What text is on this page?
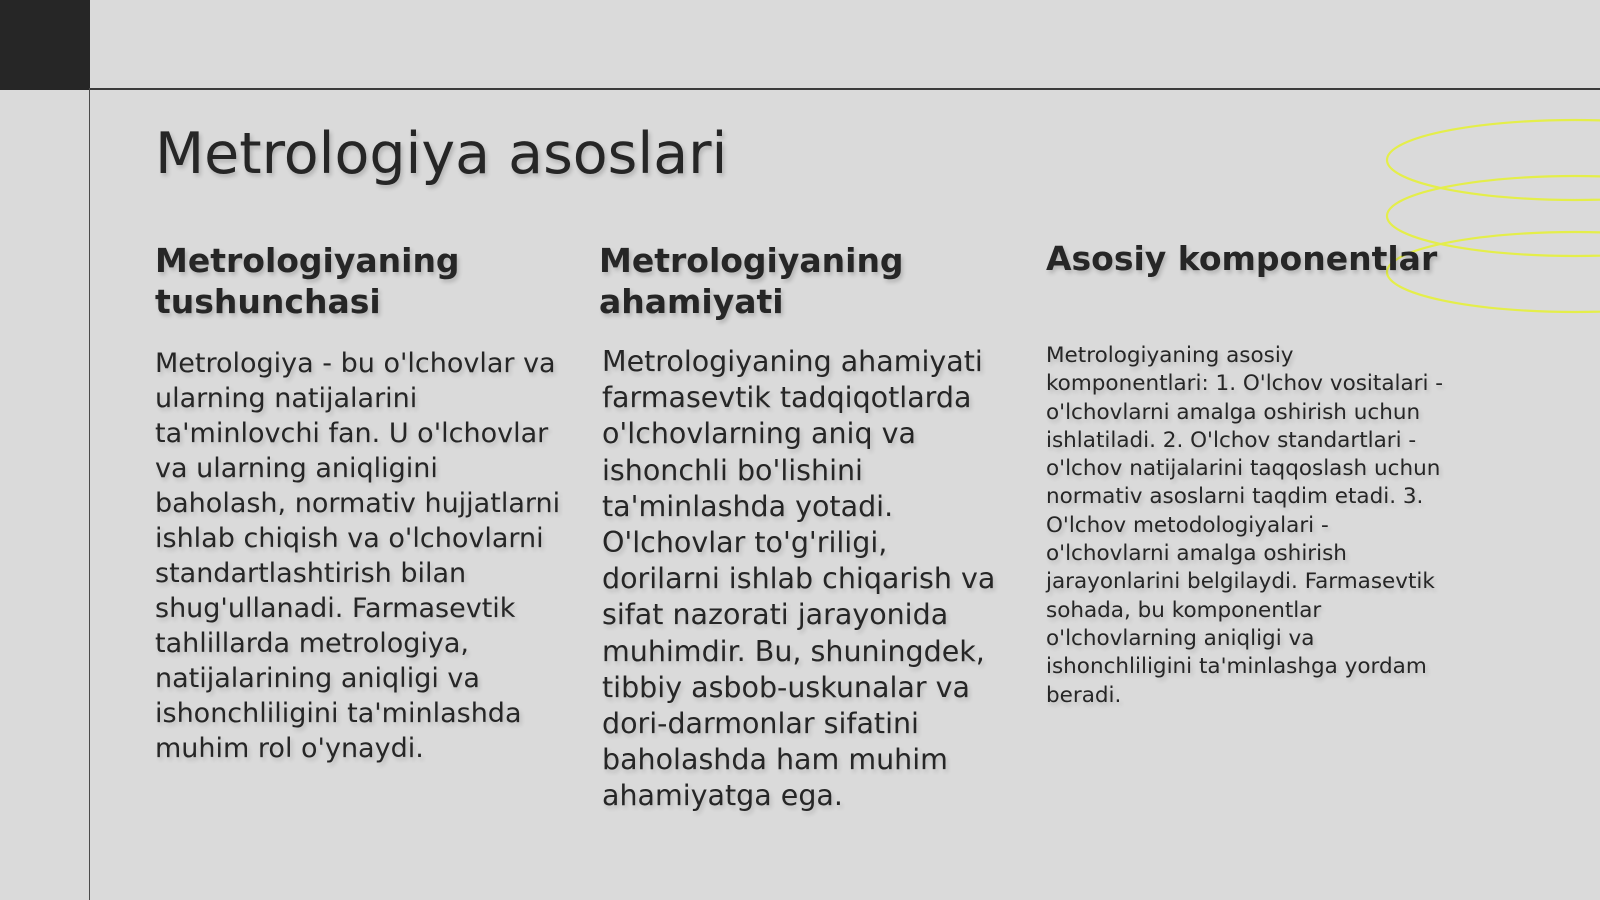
Metrologiya asoslari
Metrologiyaning tushunchasi

Metrologiya - bu o'lchovlar va ularning natijalarini ta'minlovchi fan. U o'lchovlar va ularning aniqligini baholash, normativ hujjatlarni ishlab chiqish va o'lchovlarni standartlashtirish bilan shug'ullanadi. Farmasevtik tahlillarda metrologiya, natijalarining aniqligi va ishonchliligini ta'minlashda muhim rol o'ynaydi.

Metrologiyaning ahamiyati

Metrologiyaning ahamiyati farmasevtik tadqiqotlarda o'lchovlarning aniq va ishonchli bo'lishini ta'minlashda yotadi. O'lchovlar to'g'riligi, dorilarni ishlab chiqarish va sifat nazorati jarayonida muhimdir. Bu, shuningdek, tibbiy asbob-uskunalar va dori-darmonlar sifatini baholashda ham muhim ahamiyatga ega.

Asosiy komponentlar

Metrologiyaning asosiy komponentlari: 1. O'lchov vositalari - o'lchovlarni amalga oshirish uchun ishlatiladi. 2. O'lchov standartlari - o'lchov natijalarini taqqoslash uchun normativ asoslarni taqdim etadi. 3. O'lchov metodologiyalari - o'lchovlarni amalga oshirish jarayonlarini belgilaydi. Farmasevtik sohada, bu komponentlar o'lchovlarning aniqligi va ishonchliligini ta'minlashga yordam beradi.
